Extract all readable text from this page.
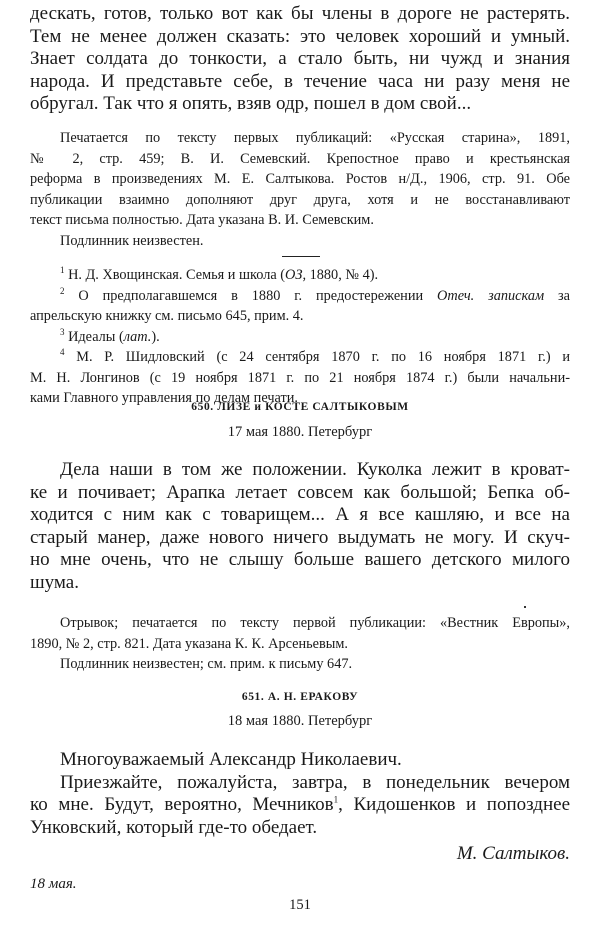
дескать, готов, только вот как бы члены в дороге не растерять.
Тем не менее должен сказать: это человек хороший и умный.
Знает солдата до тонкости, а стало быть, ни чужд и знания
народа. И представьте себе, в течение часа ни разу меня не
обругал. Так что я опять, взяв одр, пошел в дом свой...
Печатается по тексту первых публикаций: «Русская старина», 1891,
№ 2, стр. 459; В. И. Семевский. Крепостное право и крестьянская
реформа в произведениях М. Е. Салтыкова. Ростов н/Д., 1906, стр. 91. Обе
публикации взаимно дополняют друг друга, хотя и не восстанавливают
текст письма полностью. Дата указана В. И. Семевским.
Подлинник неизвестен.
$^1$ Н. Д. Хвощинская. Семья и школа (ОЗ, 1880, № 4).
$^2$ О предполагавшемся в 1880 г. предостережении Отеч. запискам за
апрельскую книжку см. письмо 645, прим. 4.
$^3$ Идеалы (лат.).
$^4$ М. Р. Шидловский (с 24 сентября 1870 г. по 16 ноября 1871 г.) и
М. Н. Лонгинов (с 19 ноября 1871 г. по 21 ноября 1874 г.) были начальни-
ками Главного управления по делам печати.
650. ЛИЗЕ и КОСТЕ САЛТЫКОВЫМ
17 мая 1880. Петербург
Дела наши в том же положении. Куколка лежит в кроват-
ке и почивает; Арапка летает совсем как большой; Бепка об-
ходится с ним как с товарищем... А я все кашляю, и все на
старый манер, даже нового ничего выдумать не могу. И скуч-
но мне очень, что не слышу больше вашего детского милого
шума.
Отрывок; печатается по тексту первой публикации: «Вестник Европы»,
1890, № 2, стр. 821. Дата указана К. К. Арсеньевым.
Подлинник неизвестен; см. прим. к письму 647.
651. А. Н. ЕРАКОВУ
18 мая 1880. Петербург
Многоуважаемый Александр Николаевич.
Приезжайте, пожалуйста, завтра, в понедельник вечером
ко мне. Будут, вероятно, Мечников$^1$, Кидошенков и попозднее
Унковский, который где-то обедает.
М. Салтыков.
18 мая.
151
